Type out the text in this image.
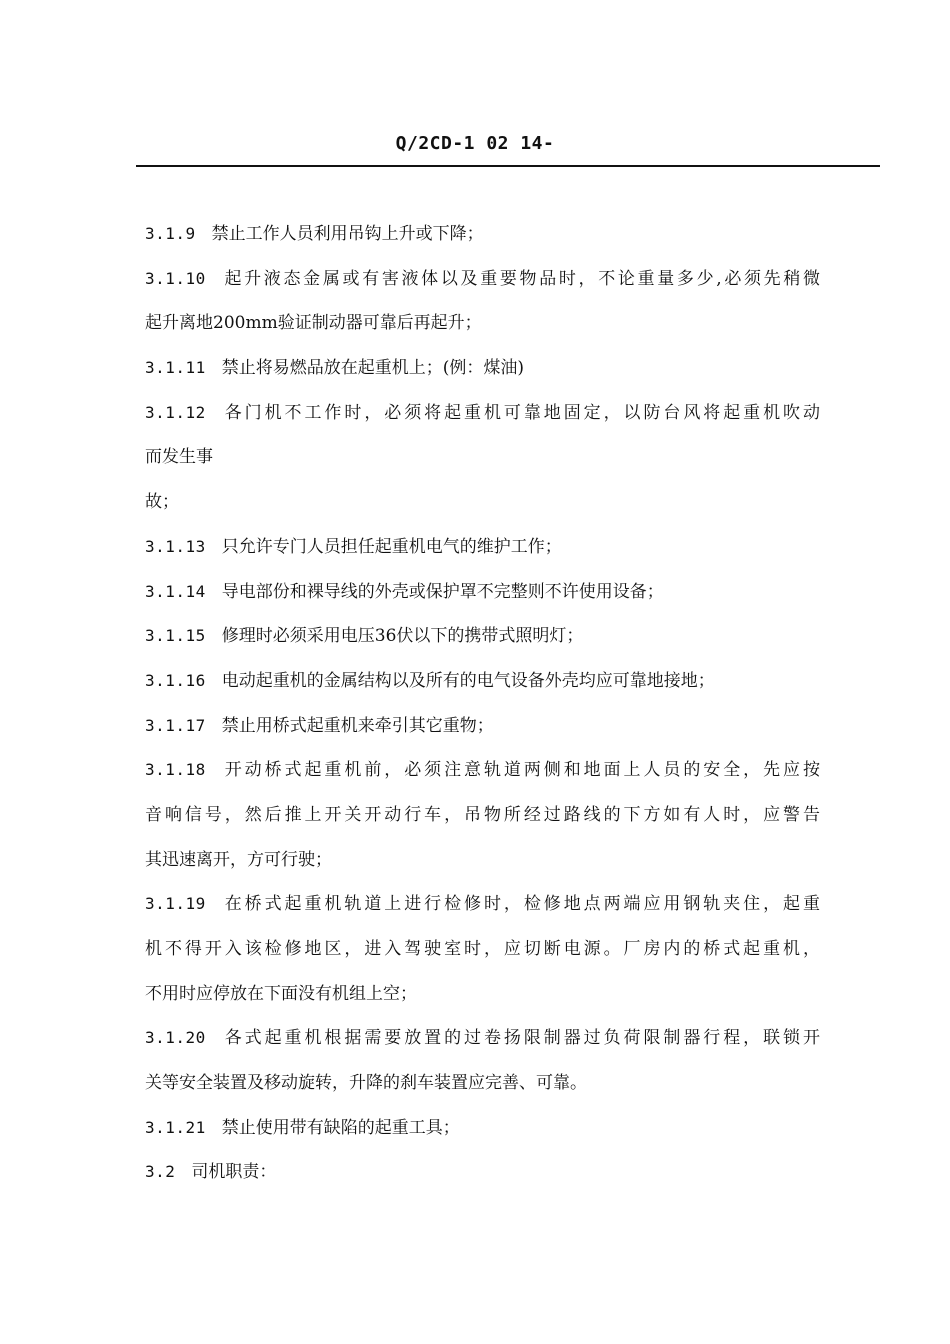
Q/2CD-1 02 14-
3.1.9 禁止工作人员利用吊钩上升或下降；
3.1.10 起升液态金属或有害液体以及重要物品时，不论重量多少,必须先稍微
起升离地200mm验证制动器可靠后再起升；
3.1.11 禁止将易燃品放在起重机上；(例：煤油)
3.1.12 各门机不工作时，必须将起重机可靠地固定，以防台风将起重机吹动
而发生事
故；
3.1.13 只允许专门人员担任起重机电气的维护工作；
3.1.14 导电部份和裸导线的外壳或保护罩不完整则不许使用设备；
3.1.15 修理时必须采用电压36伏以下的携带式照明灯；
3.1.16 电动起重机的金属结构以及所有的电气设备外壳均应可靠地接地；
3.1.17 禁止用桥式起重机来牵引其它重物；
3.1.18 开动桥式起重机前，必须注意轨道两侧和地面上人员的安全，先应按
音响信号，然后推上开关开动行车，吊物所经过路线的下方如有人时，应警告
其迅速离开，方可行驶；
3.1.19 在桥式起重机轨道上进行检修时，检修地点两端应用钢轨夹住，起重
机不得开入该检修地区，进入驾驶室时，应切断电源。厂房内的桥式起重机，
不用时应停放在下面没有机组上空；
3.1.20 各式起重机根据需要放置的过卷扬限制器过负荷限制器行程，联锁开
关等安全装置及移动旋转，升降的刹车装置应完善、可靠。
3.1.21 禁止使用带有缺陷的起重工具；
3.2 司机职责：
